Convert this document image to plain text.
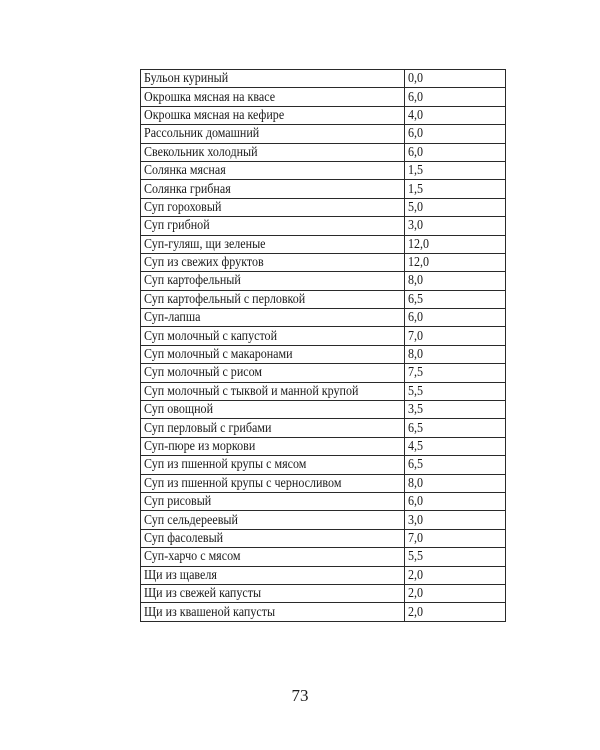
Бульон куриный	0,0
Окрошка мясная на квасе	6,0
Окрошка мясная на кефире	4,0
Рассольник домашний	6,0
Свекольник холодный	6,0
Солянка мясная	1,5
Солянка грибная	1,5
Суп гороховый	5,0
Суп грибной	3,0
Суп-гуляш, щи зеленые	12,0
Суп из свежих фруктов	12,0
Суп картофельный	8,0
Суп картофельный с перловкой	6,5
Суп-лапша	6,0
Суп молочный с капустой	7,0
Суп молочный с макаронами	8,0
Суп молочный с рисом	7,5
Суп молочный с тыквой и манной крупой	5,5
Суп овощной	3,5
Суп перловый с грибами	6,5
Суп-пюре из моркови	4,5
Суп из пшенной крупы с мясом	6,5
Суп из пшенной крупы с черносливом	8,0
Суп рисовый	6,0
Суп сельдереевый	3,0
Суп фасолевый	7,0
Суп-харчо с мясом	5,5
Щи из щавеля	2,0
Щи из свежей капусты	2,0
Щи из квашеной капусты	2,0
73
